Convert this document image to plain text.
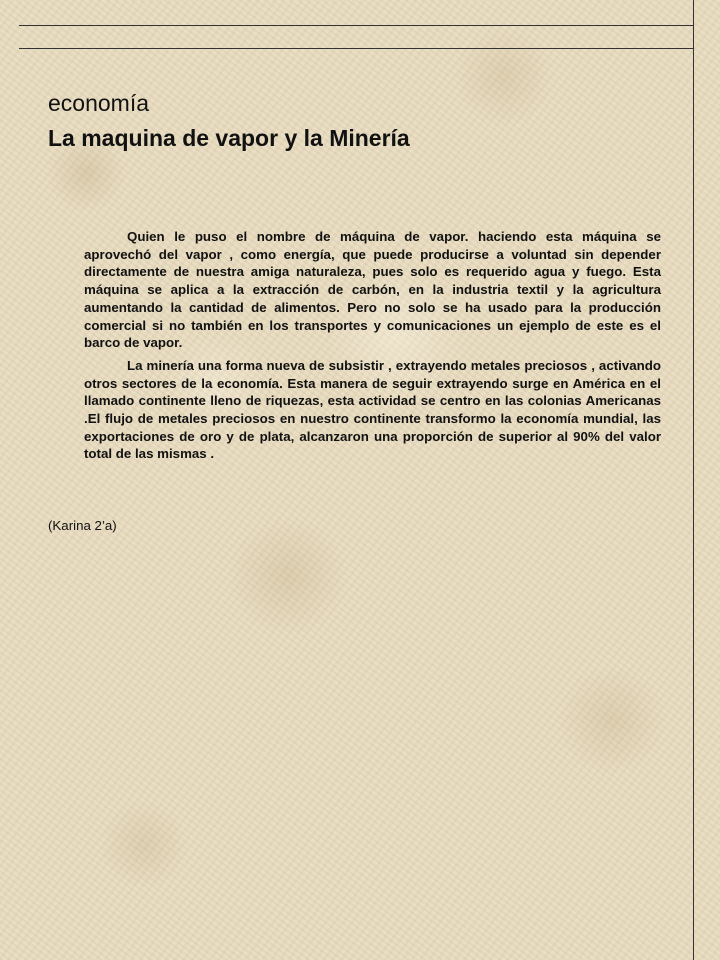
economía
La maquina de vapor y la Minería

Quien le puso el nombre de máquina de vapor. haciendo esta máquina se aprovechó del vapor , como energía, que puede producirse a voluntad sin depender directamente de nuestra amiga naturaleza, pues solo es requerido agua y fuego. Esta máquina se aplica a la extracción de carbón, en la industria textil y la agricultura aumentando la cantidad de alimentos. Pero no solo se ha usado para la producción comercial si no también en los transportes y comunicaciones un ejemplo de este es el barco de vapor.

La minería una forma nueva de subsistir , extrayendo metales preciosos , activando otros sectores de la economía. Esta manera de seguir extrayendo surge en América en el llamado continente lleno de riquezas, esta actividad se centro en las colonias Americanas .El flujo de metales preciosos en nuestro continente transformo la economía mundial, las exportaciones de oro y de plata, alcanzaron una proporción de superior al 90% del valor total de las mismas .

(Karina 2’a)
